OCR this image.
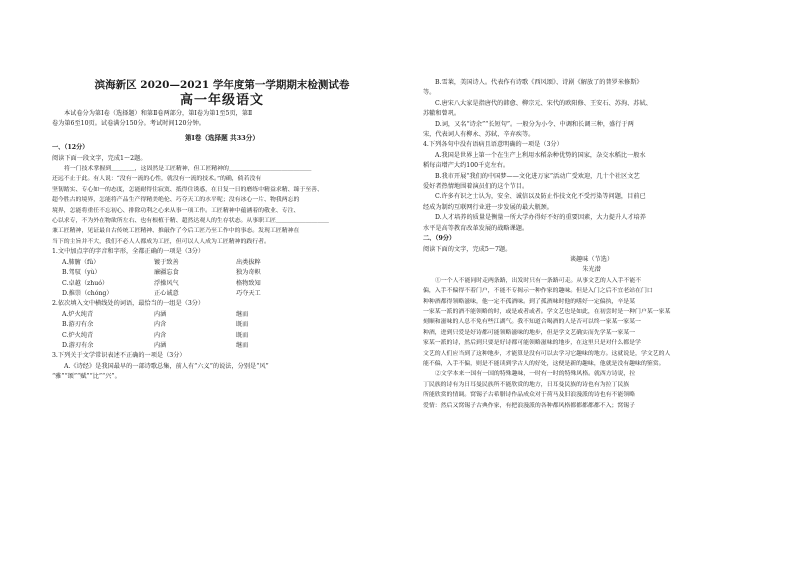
滨海新区 2020—2021 学年度第一学期期末检测试卷
高一年级语文

本试卷分为第Ⅰ卷（选择题）和第Ⅱ卷两部分，第Ⅰ卷为第1至5页，第Ⅱ

卷为第6至10页。试卷满分150分。考试时间120分钟。

第Ⅰ卷（选择题 共33分）

一、（12分）

阅读下面一段文字，完成1～2题。

将一门技术掌握到＿＿＿＿，这固然是工匠精神，但工匠精神的＿＿＿＿＿＿＿＿＿＿＿＿＿＿

还远不止于此。有人说：“没有一流的心性，就没有一流的技术。”的确，倘若没有

坚韧踏实、专心如一的态度，怎能耐得住寂寞、抵得住诱惑，在日复一日的磨练中精益求精、臻于至善、

超今胜古的境界，怎能将产品生产得精美绝伦、巧夺天工的水平呢；没有冰心一片、物我两忘的

境界，怎能将重任不忘初心、排除功利之心来从事一项工作。工匠精神中蕴涵着的敬业、专注、

心以求专，不为外在物欲所左右、也有根植于精、超然达观人的生存状态。从事职工匠＿＿＿＿＿＿＿＿＿

兼工匠精神，见证最自古传统工匠精神、推敲作了今后工匠乃至工作中的事态。发现工匠精神在

当下的主旨并不大，我们不必人人都成为工匠，但可以人人成为工匠精神的践行者。

1.文中加点字的字音和字形，全都正确的一项是（3分）

A.肺腑（fǔ）	镀于致善	出类拔粹
B.驾驭（yù）	廉疆忘食	独为奇帜
C.卓越（zhuó）	浮操风气	格物致知
D.推崇（chóng）	正心诚意	巧夺天工

2.依次填入文中横线处的词语，最恰当的一组是（3分）

A.炉火纯青	内涵	继而
B.游刃有余	内含	既而
C.炉火纯青	内含	既而
D.游刃有余	内涵	继而

3.下列关于文学常识表述不正确的一项是（3分）

A.《诗经》是我国最早的一部诗歌总集，前人有“六义”的说法，分别是“风”

“雅”“颂”“赋”“比”“兴”。

B.雪莱，美国诗人。代表作有诗歌《西风颂》、诗剧《解放了的普罗米修斯》

等。

C.唐宋八大家是指唐代的韩愈、柳宗元、宋代的欧阳修、王安石、苏洵、苏轼、

苏辙和曾巩。

D.词，又名“诗余”“长短句”。一般分为小令、中调和长调三种，盛行于两

宋，代表词人有柳永、苏轼、辛弃疾等。

4.下列各句中没有语病且语意明确的一项是（3分）

A.我国是世界上第一个在生产上利用水稻杂种优势的国家，杂交水稻比一般水

稻每亩增产大约100千克左右。

B.我市开展“我们的中国梦——文化进万家”活动广受欢迎，几十个社区文艺

爱好者热情地围着演员们的这个节目。

C.许多有识之士认为，安全、诚信以及防止作技文化不受污染等问题，目前已

经成为制约互联网行业进一步发展的最大瓶颈。

D.人才培养的质量是衡量一所大学办得好不好的重要因素，大力提升人才培养

水平是高等教育改革发展的战略课题。

二、（9分）

阅读下面的文字，完成5～7题。

谈趣味（节选）
朱光潜

①一个人不能同时走两条路，出发时只有一条路可走。从事文艺的人入手不能不

偏，入手不偏得不着门户，不能不专揭示一种作家的趣味。但是入门之后不宜老站在门口

种种酒都得领略滋味，他一定不孤酒味。到了孤酒味时他的嗜好一定偏执，辛是某

一家某一派的酒不能领略的时，或是或者或者。学文艺也是如此，在初尝时是一种门户某一家某

刻顺和滋味的人总不免有些江湖气。我不知道合喝酒的人是否可以终一家某一家某一

种酒，进到只爱是好诗都可能领略滋味的地步，但是学文艺确实而先学某一家某一

家某一派的诗，然后到只要是好诗都可能领略滋味的地步，在这里只是对什么都是学

文艺的人们应当到了这种地步，才能算是没有可以去学习它趣味的地方。这就说是，学文艺的人

能不偏，入手不偏，则是不能读到学古人的好处，这便是新的趣味，他就是没有趣味的鉴赏。

②文学本来一国有一国的特殊趣味，一时有一时的特殊风格。就西方诗说，拉

丁民族的诗有为日耳曼民族所不能欣赏的地方，日耳曼民族的诗也有为拉丁民族

所能欣赏的情调。窝锡子古希腊诗作品成众对于荷马及旧浪漫派的诗也有不能领略

爱情：然后又窝锡子古典作家，有把浪漫派的各种都风格都都都都都不入；窝锡子
